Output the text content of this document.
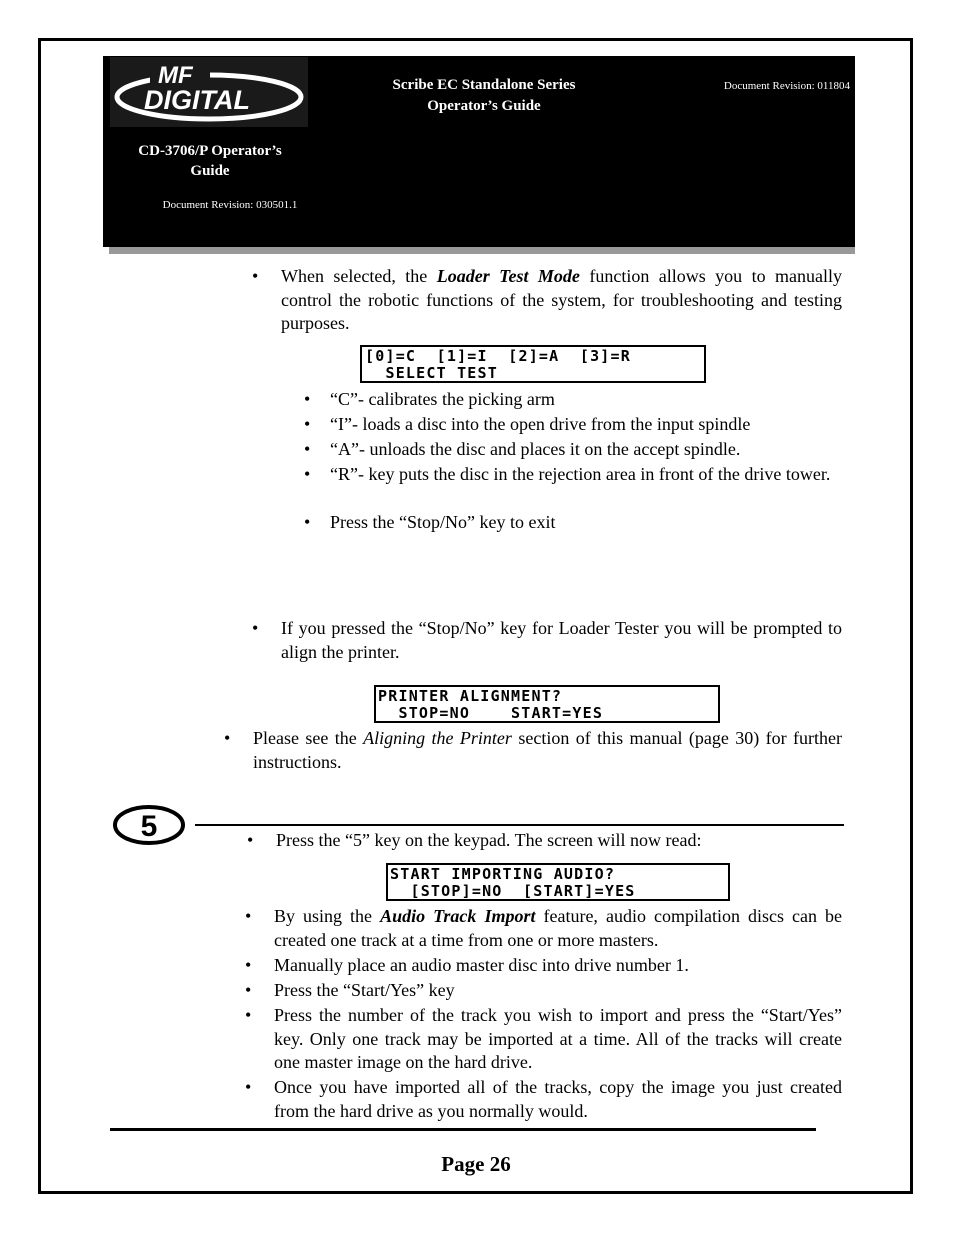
MF
DIGITAL	Scribe EC Standalone Series
Operator’s Guide
Document Revision: 011804
CD-3706/P Operator’s
Guide
Document Revision: 030501.1
• When selected, the Loader Test Mode function allows you to manually control the robotic functions of the system, for troubleshooting and testing purposes.
[0]=C  [1]=I  [2]=A  [3]=R
SELECT TEST
• “C”- calibrates the picking arm
• “I”- loads a disc into the open drive from the input spindle
• “A”- unloads the disc and places it on the accept spindle.
• “R”- key puts the disc in the rejection area in front of the drive tower.
• Press the “Stop/No” key to exit
• If you pressed the “Stop/No” key for Loader Tester you will be prompted to align the printer.
PRINTER ALIGNMENT?
STOP=NO    START=YES
• Please see the Aligning the Printer section of this manual (page 30) for further instructions.
5	• Press the “5” key on the keypad. The screen will now read:
START IMPORTING AUDIO?
[STOP]=NO  [START]=YES
• By using the Audio Track Import feature, audio compilation discs can be created one track at a time from one or more masters.
• Manually place an audio master disc into drive number 1.
• Press the “Start/Yes” key
• Press the number of the track you wish to import and press the “Start/Yes” key. Only one track may be imported at a time. All of the tracks will create one master image on the hard drive.
• Once you have imported all of the tracks, copy the image you just created from the hard drive as you normally would.
Page 26
